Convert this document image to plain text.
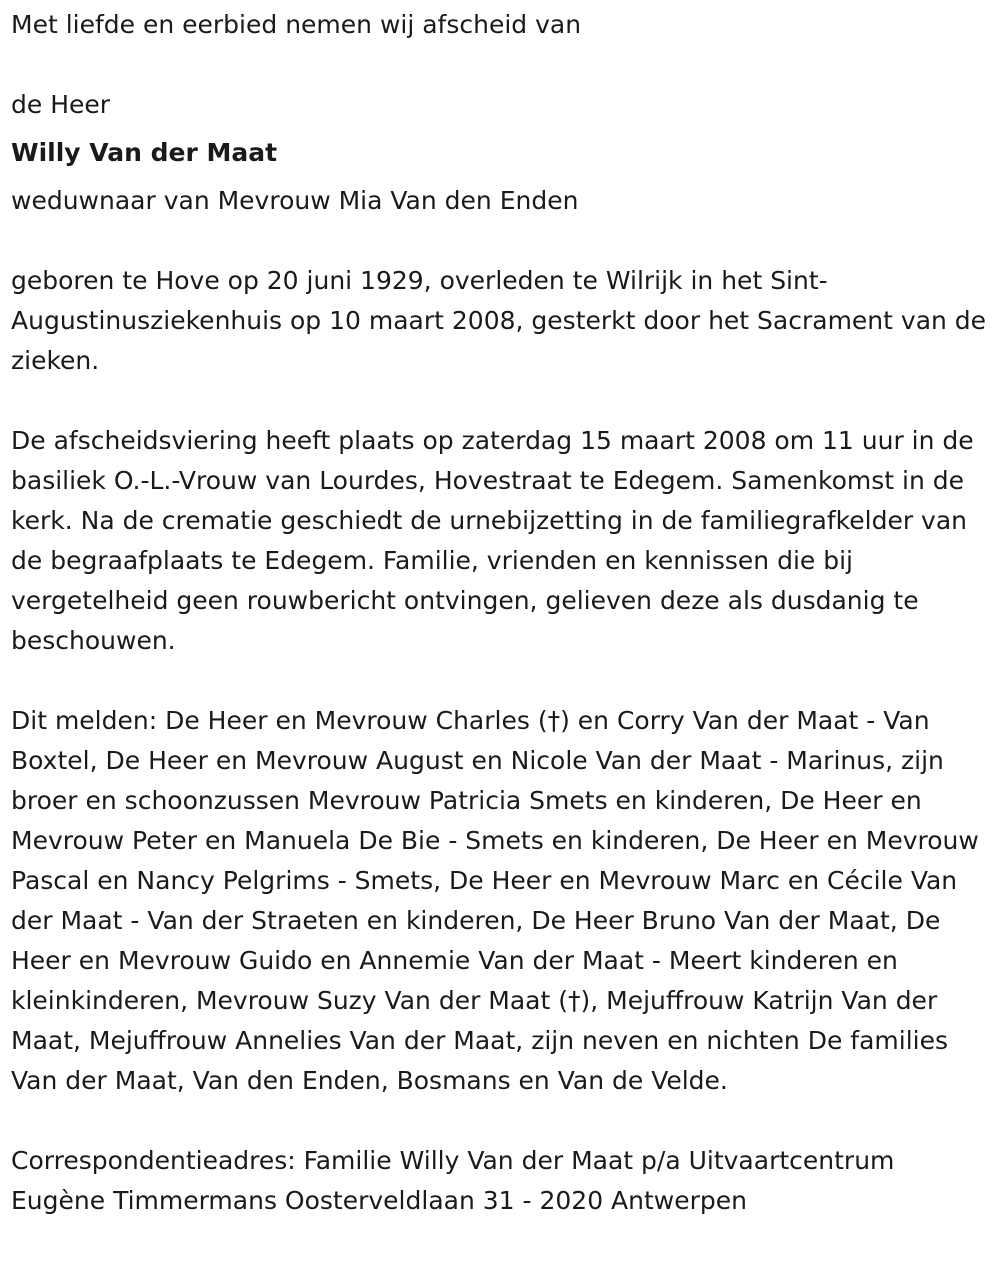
Met liefde en eerbied nemen wij afscheid van

de Heer

Willy Van der Maat

weduwnaar van Mevrouw Mia Van den Enden

geboren te Hove op 20 juni 1929, overleden te Wilrijk in het Sint-Augustinusziekenhuis op 10 maart 2008, gesterkt door het Sacrament van de zieken.

De afscheidsviering heeft plaats op zaterdag 15 maart 2008 om 11 uur in de basiliek O.-L.-Vrouw van Lourdes, Hovestraat te Edegem. Samenkomst in de kerk. Na de crematie geschiedt de urnebijzetting in de familiegrafkelder van de begraafplaats te Edegem. Familie, vrienden en kennissen die bij vergetelheid geen rouwbericht ontvingen, gelieven deze als dusdanig te beschouwen.

Dit melden: De Heer en Mevrouw Charles (†) en Corry Van der Maat - Van Boxtel, De Heer en Mevrouw August en Nicole Van der Maat - Marinus, zijn broer en schoonzussen Mevrouw Patricia Smets en kinderen, De Heer en Mevrouw Peter en Manuela De Bie - Smets en kinderen, De Heer en Mevrouw Pascal en Nancy Pelgrims - Smets, De Heer en Mevrouw Marc en Cécile Van der Maat - Van der Straeten en kinderen, De Heer Bruno Van der Maat, De Heer en Mevrouw Guido en Annemie Van der Maat - Meert kinderen en kleinkinderen, Mevrouw Suzy Van der Maat (†), Mejuffrouw Katrijn Van der Maat, Mejuffrouw Annelies Van der Maat, zijn neven en nichten De families Van der Maat, Van den Enden, Bosmans en Van de Velde.

Correspondentieadres: Familie Willy Van der Maat p/a Uitvaartcentrum Eugène Timmermans Oosterveldlaan 31 - 2020 Antwerpen
